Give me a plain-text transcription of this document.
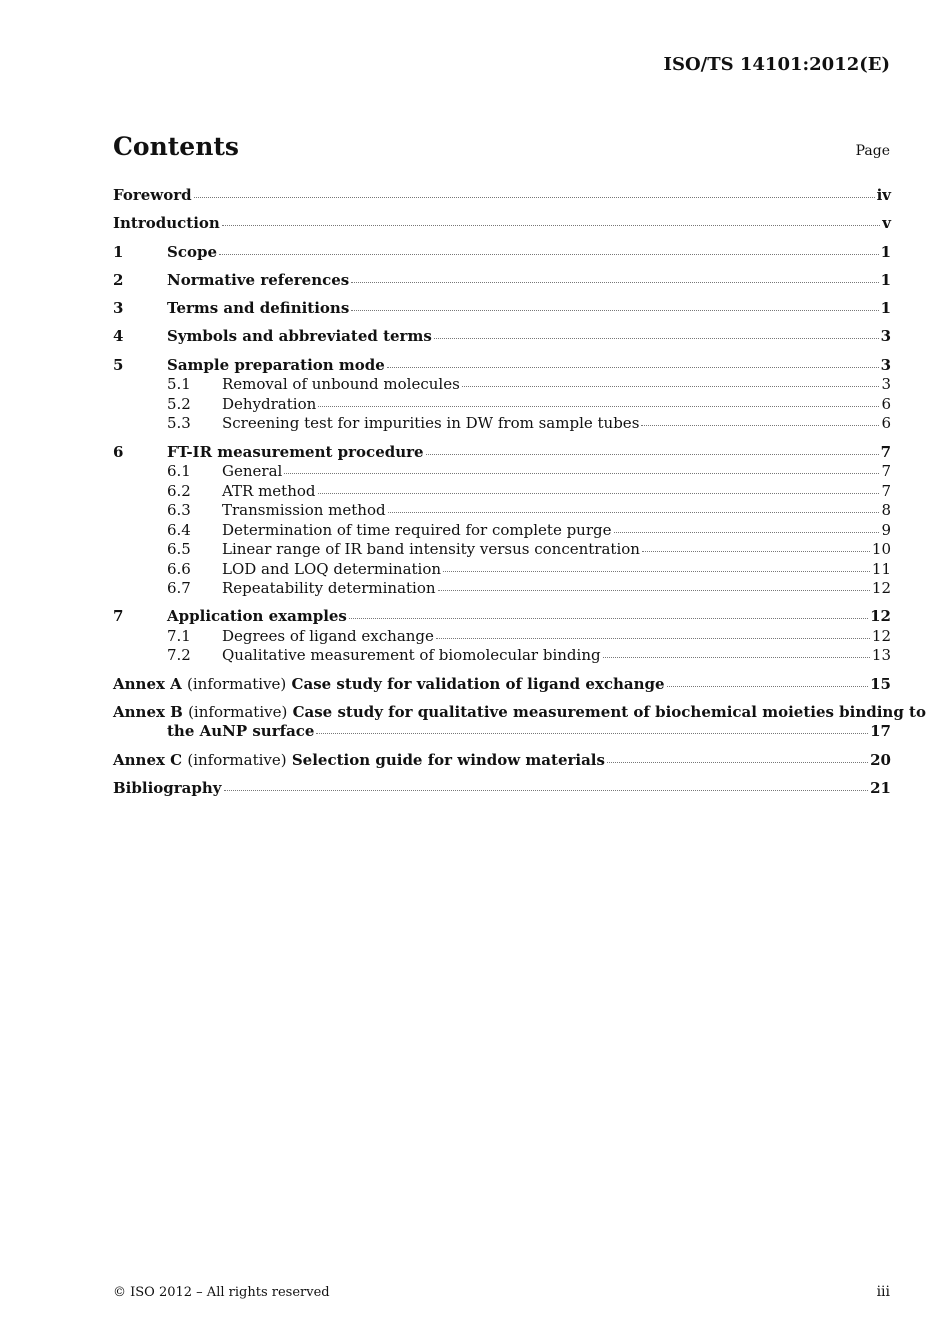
ISO/TS 14101:2012(E)
Contents	Page
Foreword	iv
Introduction	v
1	Scope	1
2	Normative references	1
3	Terms and definitions	1
4	Symbols and abbreviated terms	3
5	Sample preparation mode	3
5.1	Removal of unbound molecules	3
5.2	Dehydration	6
5.3	Screening test for impurities in DW from sample tubes	6
6	FT-IR measurement procedure	7
6.1	General	7
6.2	ATR method	7
6.3	Transmission method	8
6.4	Determination of time required for complete purge	9
6.5	Linear range of IR band intensity versus concentration	10
6.6	LOD and LOQ determination	11
6.7	Repeatability determination	12
7	Application examples	12
7.1	Degrees of ligand exchange	12
7.2	Qualitative measurement of biomolecular binding	13
Annex A (informative) Case study for validation of ligand exchange	15
Annex B (informative) Case study for qualitative measurement of biochemical moieties binding to
the AuNP surface	17
Annex C (informative) Selection guide for window materials	20
Bibliography	21
© ISO 2012 – All rights reserved	iii
